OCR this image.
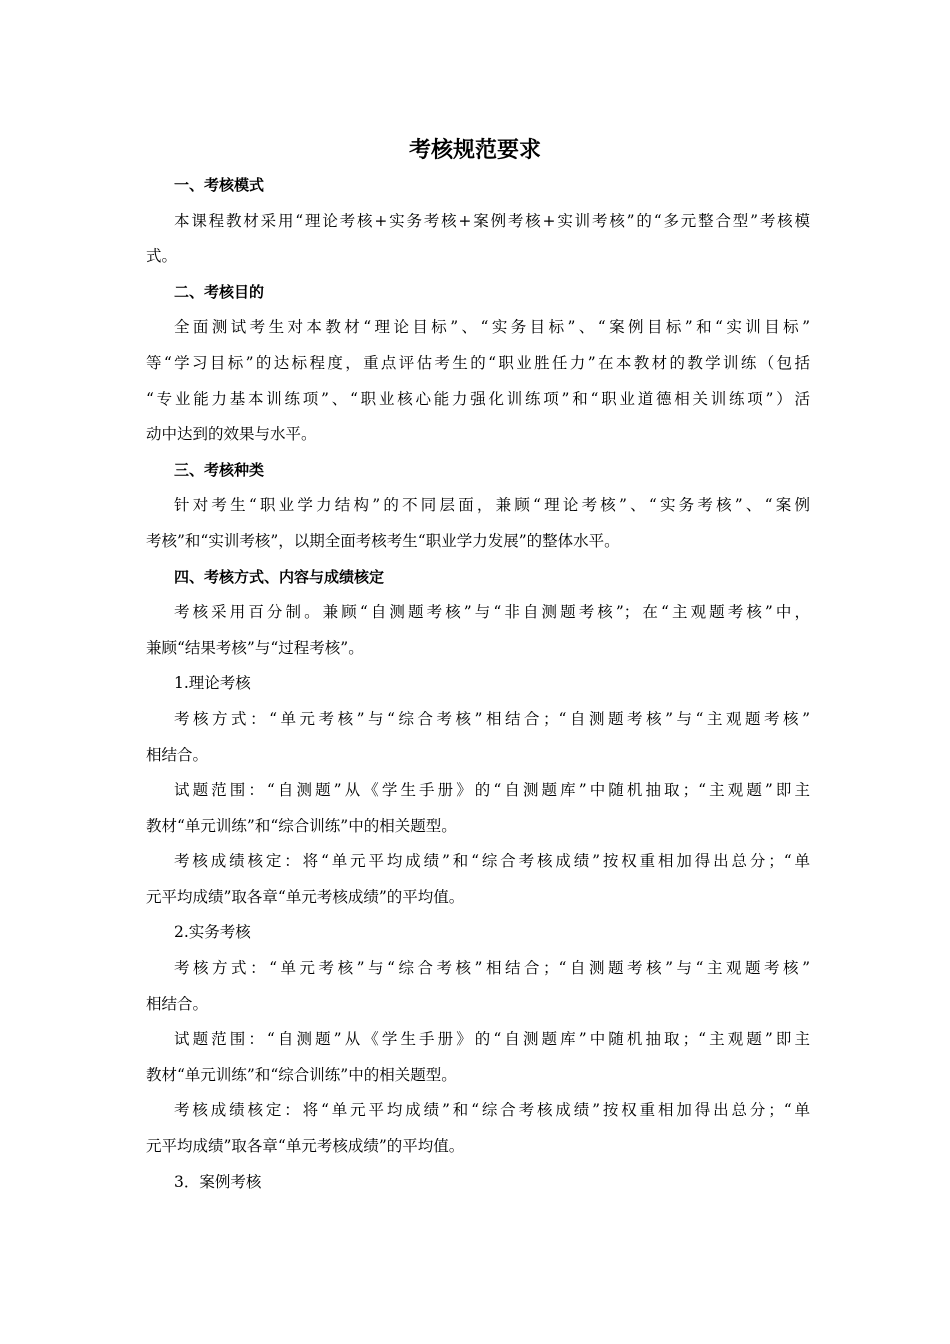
考核规范要求
一、考核模式
本课程教材采用“理论考核+实务考核+案例考核+实训考核”的“多元整合型”考核模
式。
二、考核目的
全面测试考生对本教材“理论目标”、“实务目标”、“案例目标”和“实训目标”
等“学习目标”的达标程度，重点评估考生的“职业胜任力”在本教材的教学训练（包括
“专业能力基本训练项”、“职业核心能力强化训练项”和“职业道德相关训练项”）活
动中达到的效果与水平。
三、考核种类
针对考生“职业学力结构”的不同层面，兼顾“理论考核”、“实务考核”、“案例
考核”和“实训考核”，以期全面考核考生“职业学力发展”的整体水平。
四、考核方式、内容与成绩核定
考核采用百分制。兼顾“自测题考核”与“非自测题考核”；在“主观题考核”中，
兼顾“结果考核”与“过程考核”。
1.理论考核
考核方式：“单元考核”与“综合考核”相结合；“自测题考核”与“主观题考核”
相结合。
试题范围：“自测题”从《学生手册》的“自测题库”中随机抽取；“主观题”即主
教材“单元训练”和“综合训练”中的相关题型。
考核成绩核定：将“单元平均成绩”和“综合考核成绩”按权重相加得出总分；“单
元平均成绩”取各章“单元考核成绩”的平均值。
2.实务考核
考核方式：“单元考核”与“综合考核”相结合；“自测题考核”与“主观题考核”
相结合。
试题范围：“自测题”从《学生手册》的“自测题库”中随机抽取；“主观题”即主
教材“单元训练”和“综合训练”中的相关题型。
考核成绩核定：将“单元平均成绩”和“综合考核成绩”按权重相加得出总分；“单
元平均成绩”取各章“单元考核成绩”的平均值。
3．案例考核
